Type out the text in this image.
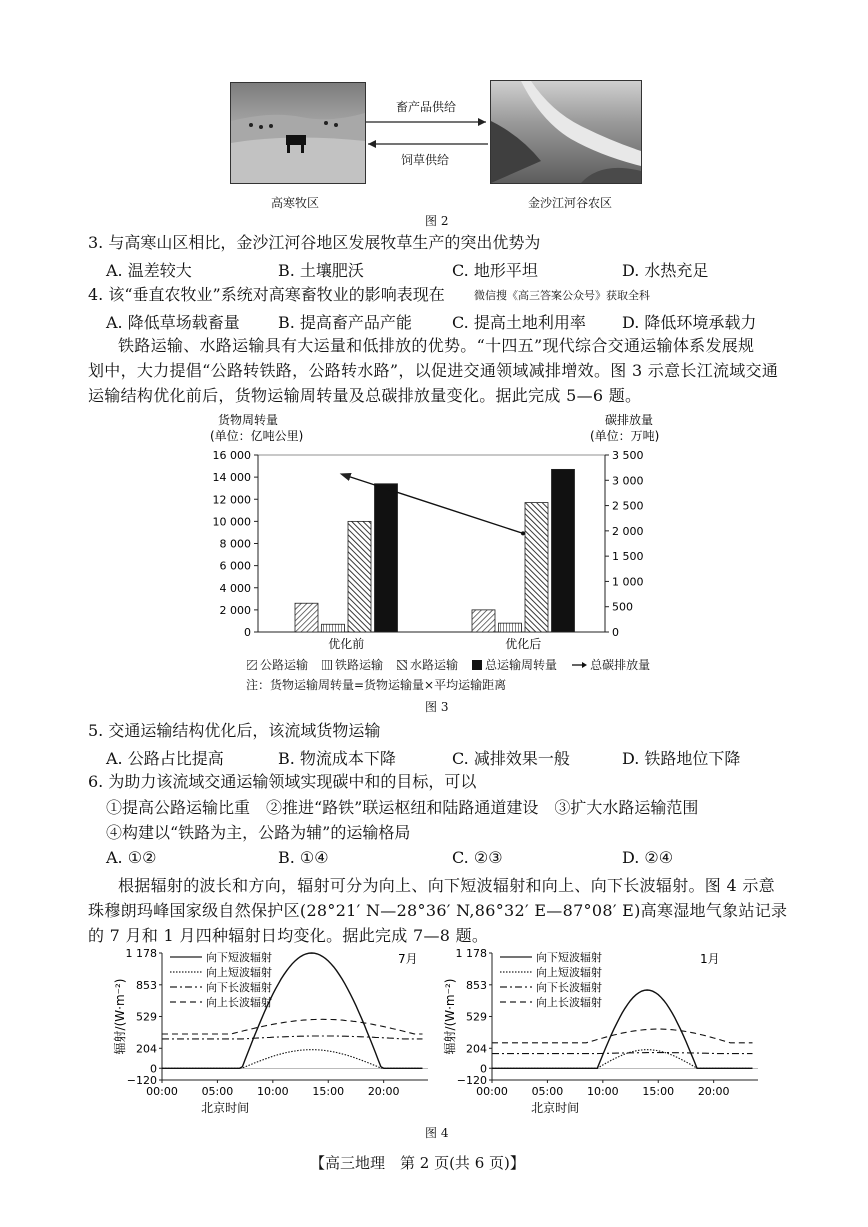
畜产品供给
饲草供给
高寒牧区	金沙江河谷农区
图 2
3. 与高寒山区相比，金沙江河谷地区发展牧草生产的突出优势为
A. 温差较大	B. 土壤肥沃	C. 地形平坦	D. 水热充足
4. 该“垂直农牧业”系统对高寒畜牧业的影响表现在	微信搜《高三答案公众号》获取全科
A. 降低草场载畜量 B. 提高畜产品产能	C. 提高土地利用率 D. 降低环境承载力
铁路运输、水路运输具有大运量和低排放的优势。“十四五”现代综合交通运输体系发展规
划中，大力提倡“公路转铁路，公路转水路”，以促进交通领域减排增效。图 3 示意长江流域交通
运输结构优化前后，货物运输周转量及总碳排放量变化。据此完成 5—6 题。
货物周转量
(单位：亿吨公里)
碳排放量
(单位：万吨)
0
2 000
4 000
6 000
8 000
10 000
12 000
14 000
16 000
0
500
1 000
1 500
2 000
2 500
3 000
3 500
优化前	优化后
公路运输 铁路运输 水路运输 总运输周转量	总碳排放量
注：货物运输周转量=货物运输量×平均运输距离
图 3
5. 交通运输结构优化后，该流域货物运输
A. 公路占比提高	B. 物流成本下降	C. 减排效果一般	D. 铁路地位下降
6. 为助力该流域交通运输领域实现碳中和的目标，可以
①提高公路运输比重　②推进“路铁”联运枢纽和陆路通道建设　③扩大水路运输范围
④构建以“铁路为主，公路为辅”的运输格局
A. ①②	B. ①④	C. ②③	D. ②④
根据辐射的波长和方向，辐射可分为向上、向下短波辐射和向上、向下长波辐射。图 4 示意
珠穆朗玛峰国家级自然保护区(28°21′ N—28°36′ N,86°32′ E—87°08′ E)高寒湿地气象站记录
的 7 月和 1 月四种辐射日均变化。据此完成 7—8 题。
1 178
853
529
204
0
−120
00:00 05:00 10:00 15:00 20:00
北京时间
辐射/(W·m⁻²)
7月
向下短波辐射
向上短波辐射
向下长波辐射
向上长波辐射
1 178
853
529
204
0
−120
00:00 05:00 10:00 15:00 20:00
北京时间
辐射/(W·m⁻²)
1月
向下短波辐射
向上短波辐射
向下长波辐射
向上长波辐射
图 4
【高三地理　第 2 页(共 6 页)】
